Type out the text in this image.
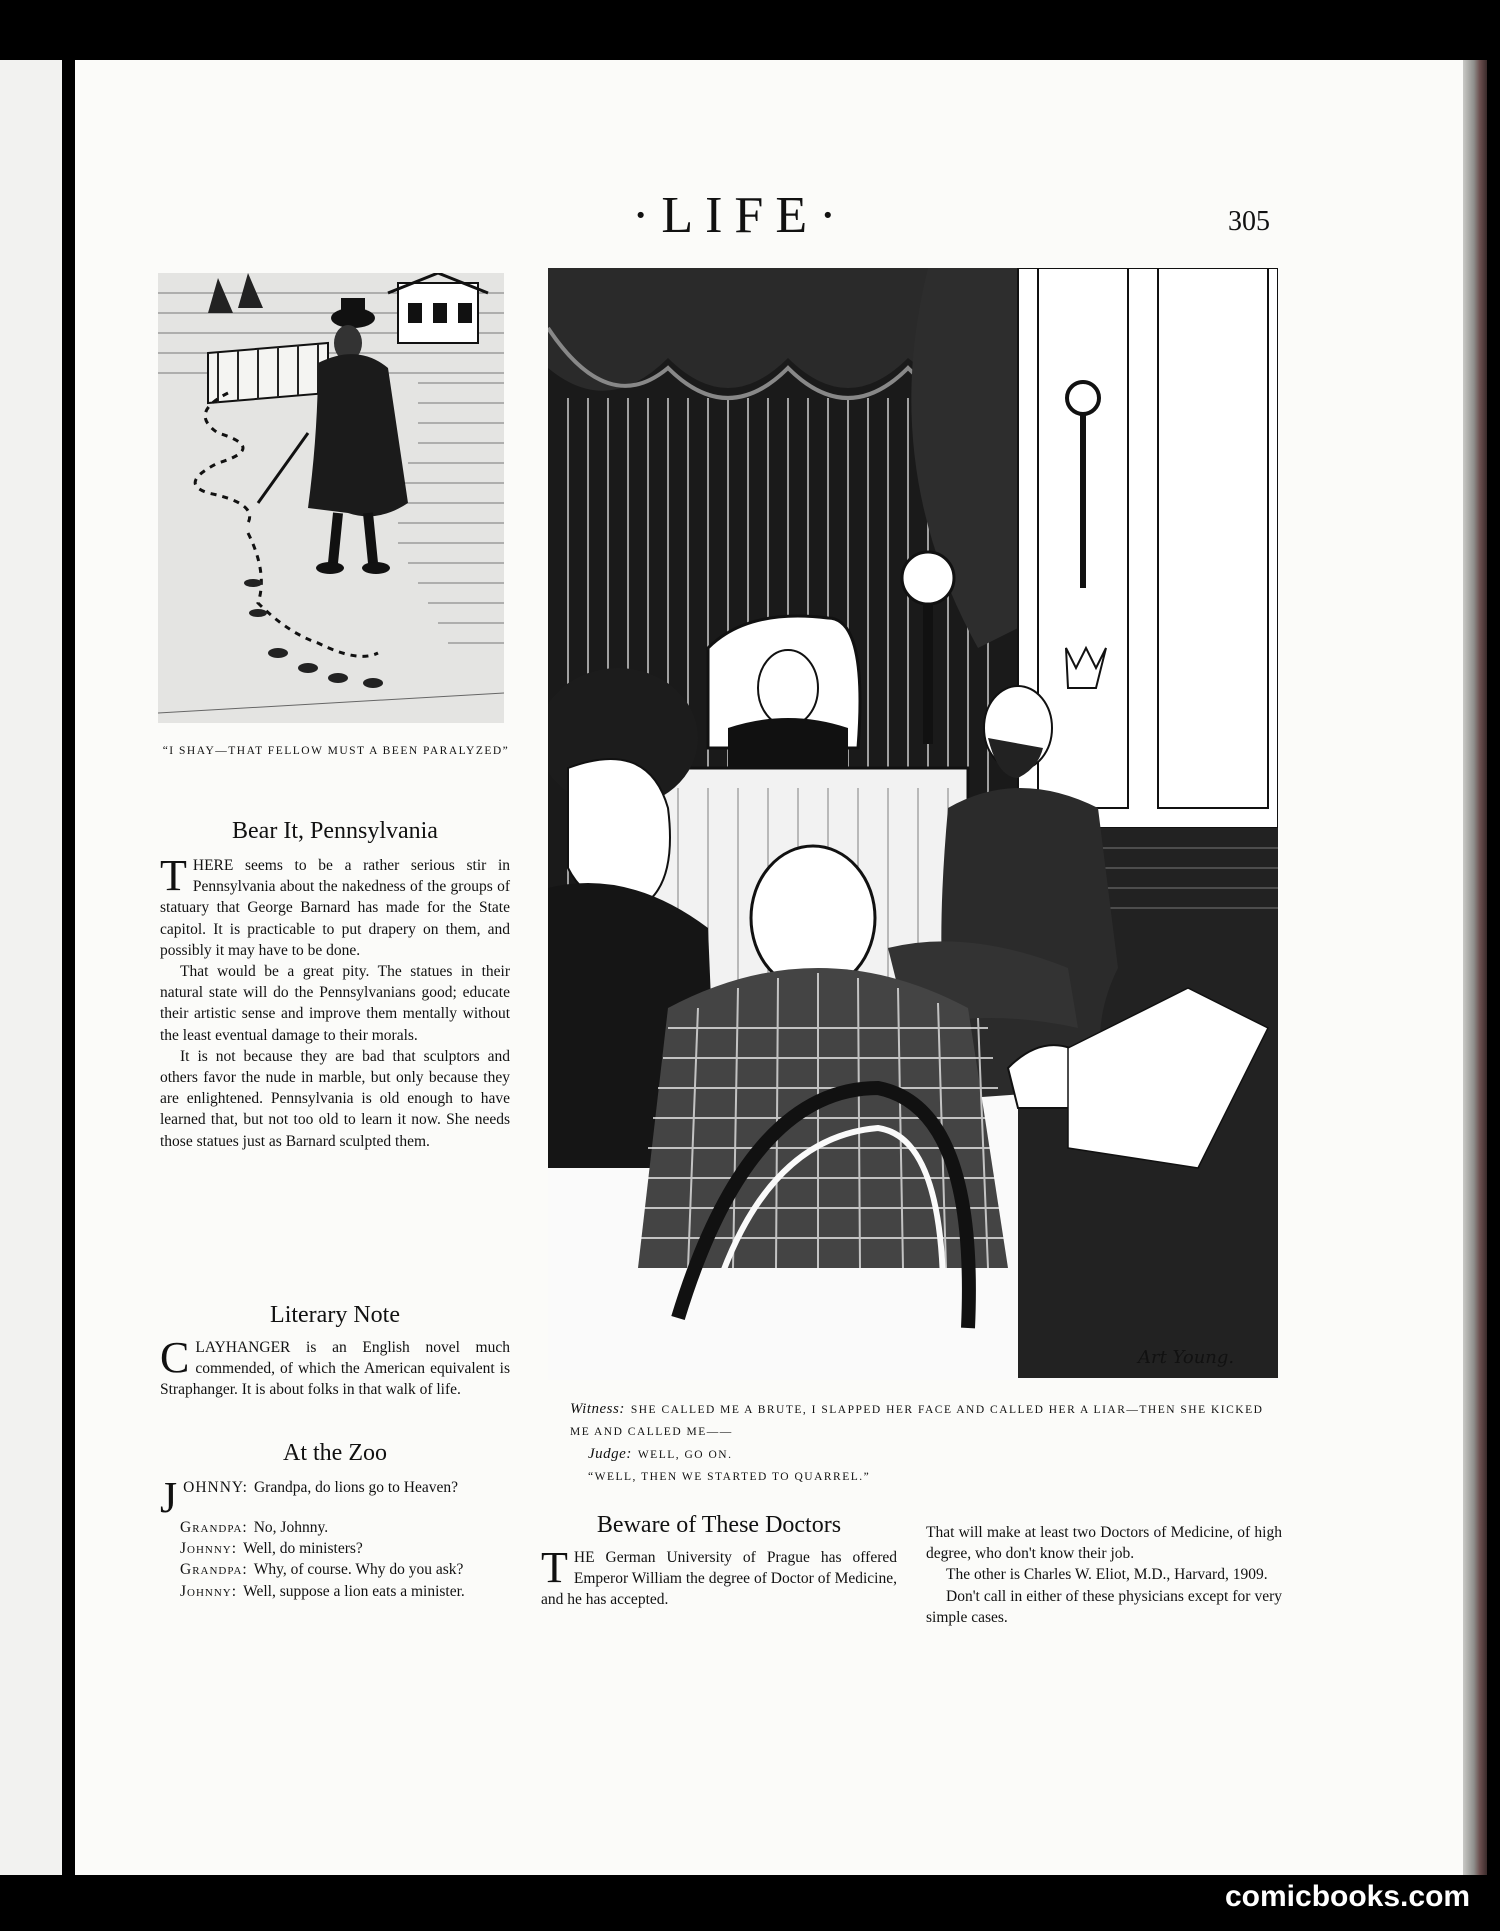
·LIFE·	305
“I SHAY—THAT FELLOW MUST A BEEN PARALYZED”
Bear It, Pennsylvania

THERE seems to be a rather serious stir in Pennsylvania about the nakedness of the groups of statuary that George Barnard has made for the State capitol. It is practicable to put drapery on them, and possibly it may have to be done.

That would be a great pity. The statues in their natural state will do the Pennsylvanians good; educate their artistic sense and improve them mentally without the least eventual damage to their morals.

It is not because they are bad that sculptors and others favor the nude in marble, but only because they are enlightened. Pennsylvania is old enough to have learned that, but not too old to learn it now. She needs those statues just as Barnard sculpted them.

Literary Note

CLAYHANGER is an English novel much commended, of which the American equivalent is Straphanger. It is about folks in that walk of life.

At the Zoo

JOHNNY: Grandpa, do lions go to Heaven?

Grandpa: No, Johnny.

Johnny: Well, do ministers?

Grandpa: Why, of course. Why do you ask?

Johnny: Well, suppose a lion eats a minister.

Art Young.
Witness: SHE CALLED ME A BRUTE, I SLAPPED HER FACE AND CALLED HER A LIAR—THEN SHE KICKED ME AND CALLED ME——
Judge: WELL, GO ON.
“WELL, THEN WE STARTED TO QUARREL.”
Beware of These Doctors

THE German University of Prague has offered Emperor William the degree of Doctor of Medicine, and he has accepted.

That will make at least two Doctors of Medicine, of high degree, who don't know their job.

The other is Charles W. Eliot, M.D., Harvard, 1909.

Don't call in either of these physicians except for very simple cases.

comicbooks.com
